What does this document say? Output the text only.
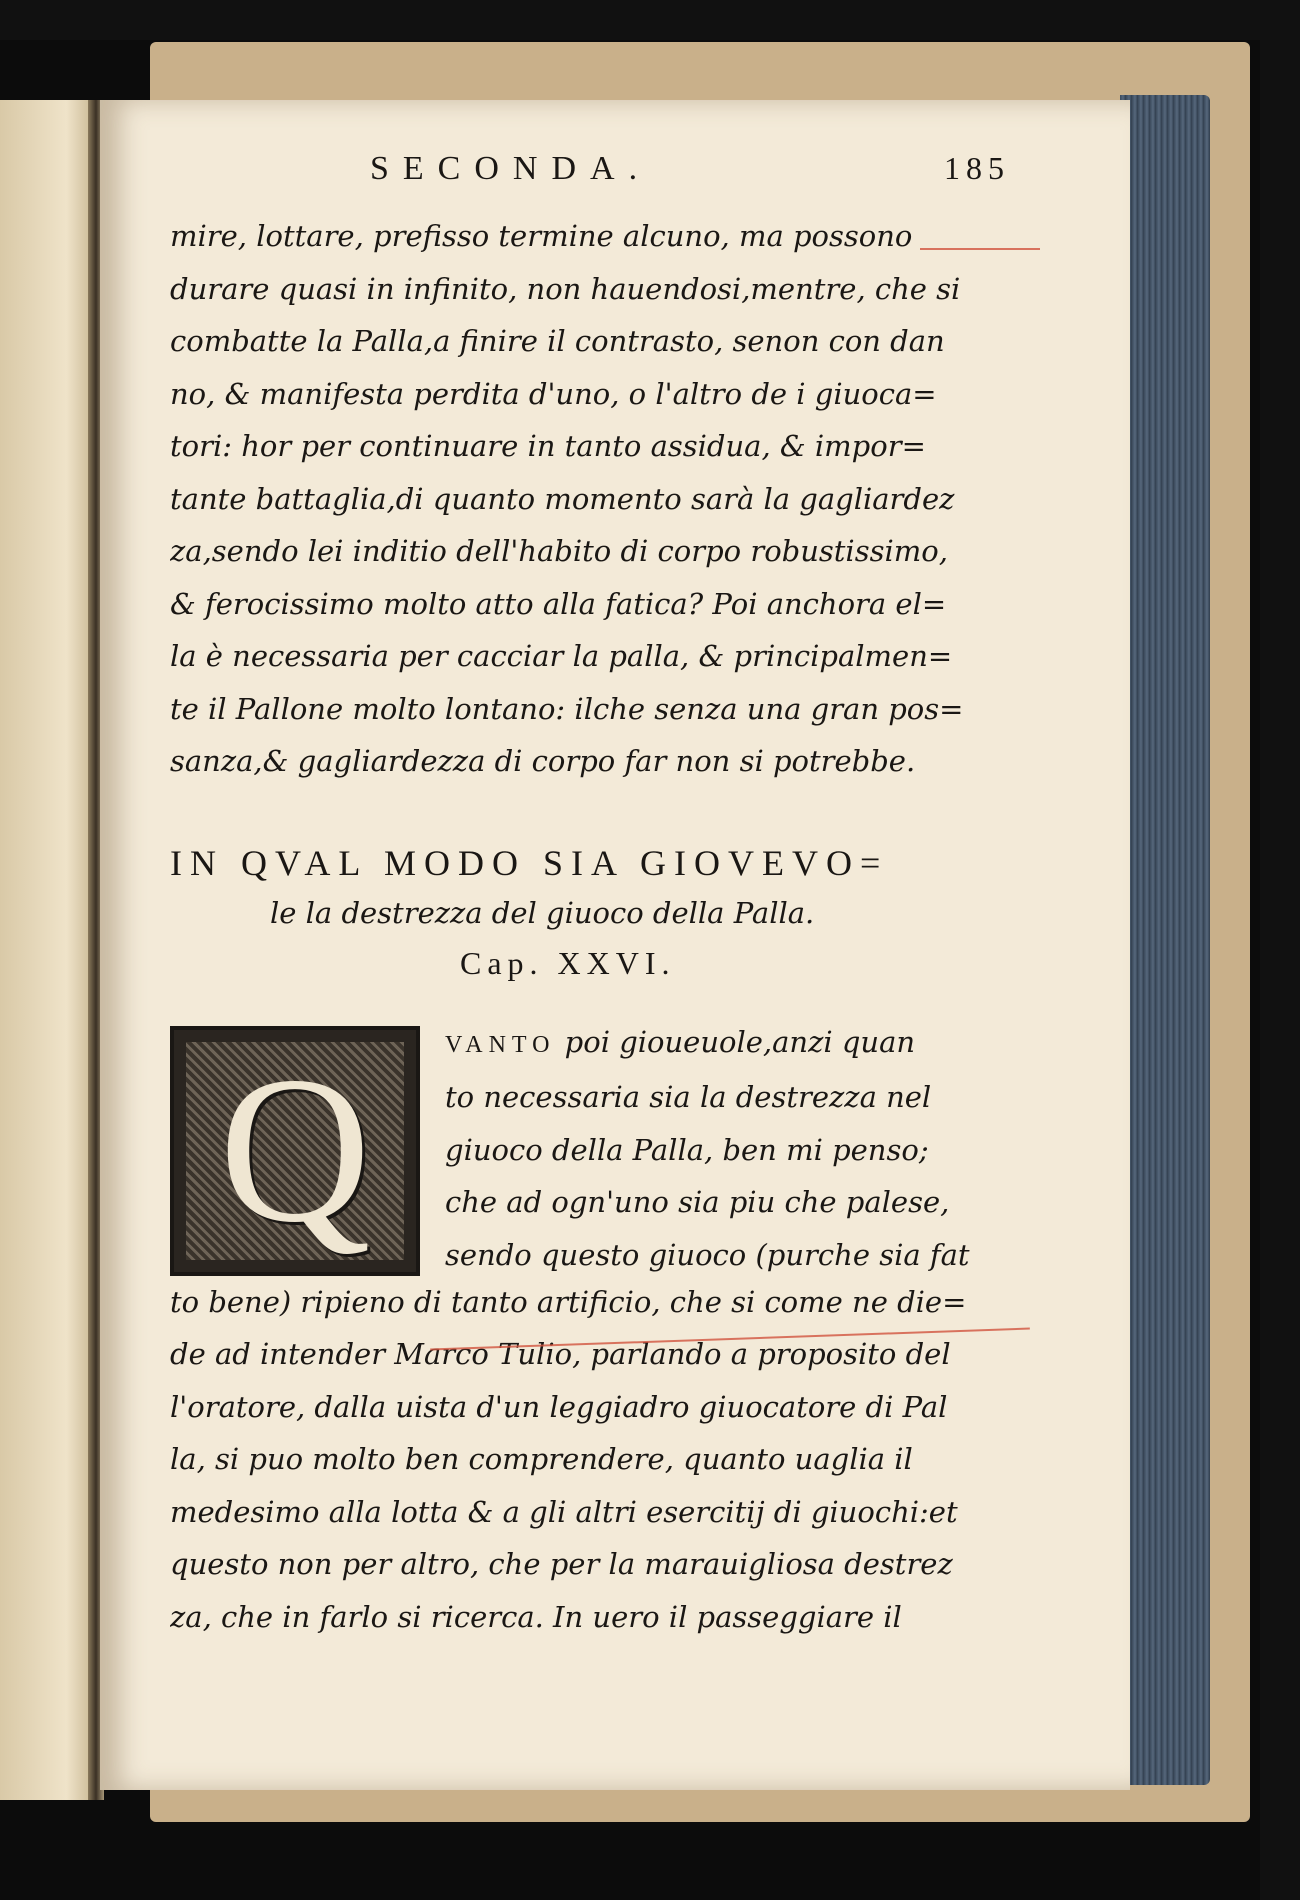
SECONDA.	185
mire, lottare, prefisso termine alcuno, ma possono
durare quasi in infinito, non hauendosi,mentre, che si
combatte la Palla,a finire il contrasto, senon con dan
no, & manifesta perdita d'uno, o l'altro de i giuoca=
tori: hor per continuare in tanto assidua, & impor=
tante battaglia,di quanto momento sarà la gagliardez
za,sendo lei inditio dell'habito di corpo robustissimo,
& ferocissimo molto atto alla fatica? Poi anchora el=
la è necessaria per cacciar la palla, & principalmen=
te il Pallone molto lontano: ilche senza una gran pos=
sanza,& gagliardezza di corpo far non si potrebbe.
IN QVAL MODO SIA GIOVEVO=
le la destrezza del giuoco della Palla.
Cap. XXVI.
Q	VANTO poi gioueuole,anzi quan
to necessaria sia la destrezza nel
giuoco della Palla, ben mi penso;
che ad ogn'uno sia piu che palese,
sendo questo giuoco (purche sia fat
to bene) ripieno di tanto artificio, che si come ne die=
de ad intender Marco Tulio, parlando a proposito del
l'oratore, dalla uista d'un leggiadro giuocatore di Pal
la, si puo molto ben comprendere, quanto uaglia il
medesimo alla lotta & a gli altri esercitij di giuochi:et
questo non per altro, che per la marauigliosa destrez
za, che in farlo si ricerca. In uero il passeggiare il
